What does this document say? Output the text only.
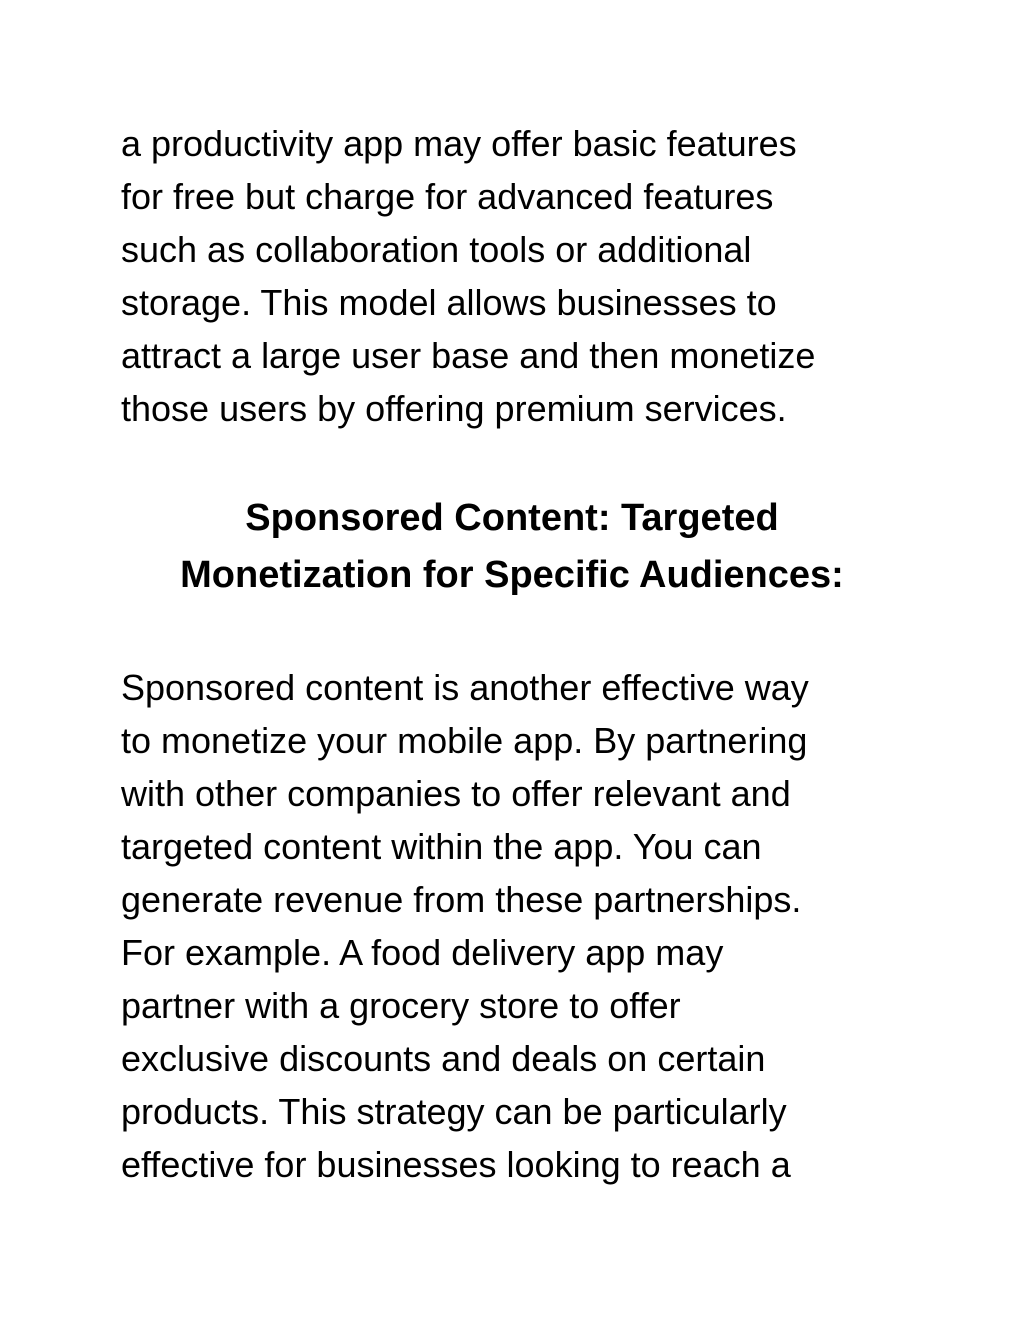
a productivity app may offer basic features

for free but charge for advanced features

such as collaboration tools or additional

storage. This model allows businesses to

attract a large user base and then monetize

those users by offering premium services.

Sponsored Content: Targeted
Monetization for Specific Audiences:

Sponsored content is another effective way

to monetize your mobile app. By partnering

with other companies to offer relevant and

targeted content within the app. You can

generate revenue from these partnerships.

For example. A food delivery app may

partner with a grocery store to offer

exclusive discounts and deals on certain

products. This strategy can be particularly

effective for businesses looking to reach a
